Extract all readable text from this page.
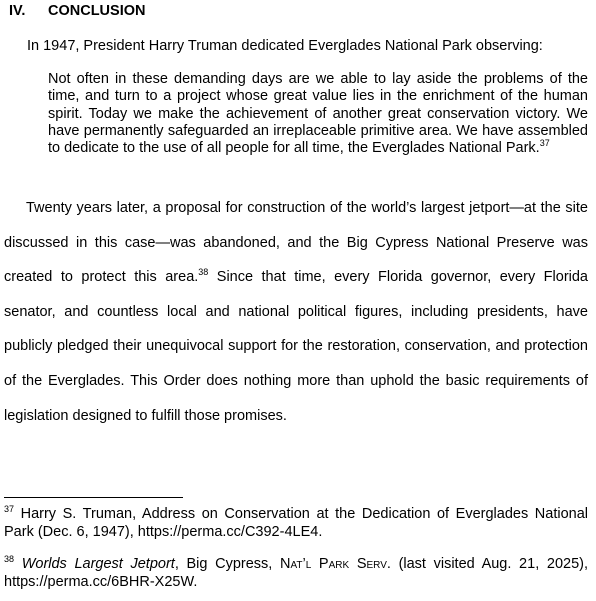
IV. CONCLUSION
In 1947, President Harry Truman dedicated Everglades National Park observing:
Not often in these demanding days are we able to lay aside the problems of the time, and turn to a project whose great value lies in the enrichment of the human spirit. Today we make the achievement of another great conservation victory. We have permanently safeguarded an irreplaceable primitive area. We have assembled to dedicate to the use of all people for all time, the Everglades National Park.$^{37}$
Twenty years later, a proposal for construction of the world’s largest jetport—at the site discussed in this case—was abandoned, and the Big Cypress National Preserve was created to protect this area.$^{38}$ Since that time, every Florida governor, every Florida senator, and countless local and national political figures, including presidents, have publicly pledged their unequivocal support for the restoration, conservation, and protection of the Everglades. This Order does nothing more than uphold the basic requirements of legislation designed to fulfill those promises.
$^{37}$ Harry S. Truman, Address on Conservation at the Dedication of Everglades National Park (Dec. 6, 1947), https://perma.cc/C392-4LE4.
$^{38}$ Worlds Largest Jetport, Big Cypress, Nat’l Park Serv. (last visited Aug. 21, 2025), https://perma.cc/6BHR-X25W.
